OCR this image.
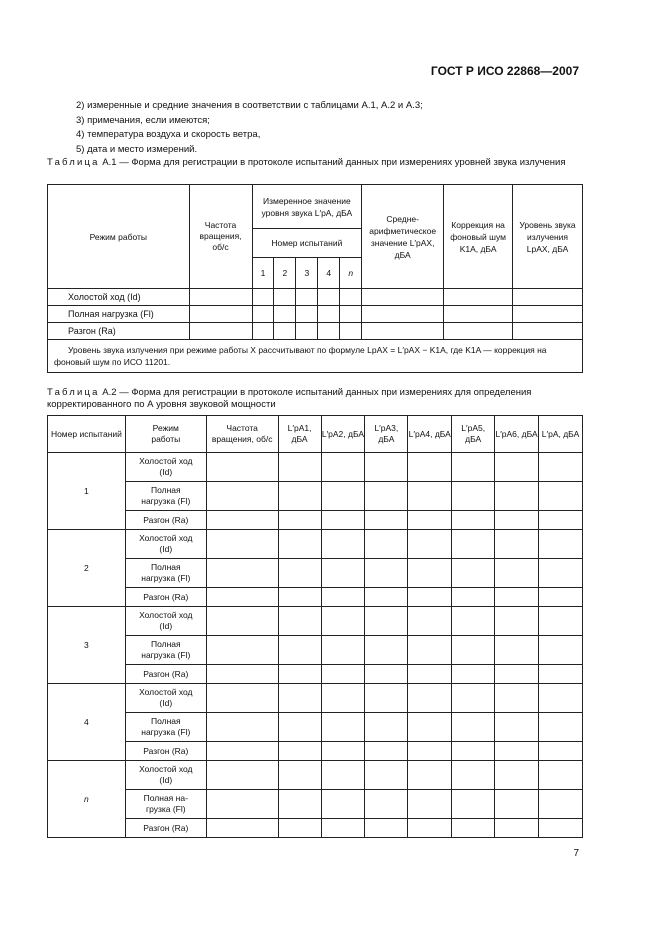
ГОСТ Р ИСО 22868—2007
2) измеренные и средние значения в соответствии с таблицами А.1, А.2 и А.3;
3) примечания, если имеются;
4) температура воздуха и скорость ветра,
5) дата и место измерений.
Таблица А.1 — Форма для регистрации в протоколе испытаний данных при измерениях уровней звука излучения
Режим работы	Частота вращения, об/с	Измеренное значение уровня звука L′pA, дБА					Средне-арифметическое значение L′pAX, дБА	Коррекция на фоновый шум K1A, дБА	Уровень звука излучения LpAX, дБА
		Номер испытаний							
		1	2	3	4	n			
Холостой ход (Id)									
Полная нагрузка (Fl)									
Разгон (Ra)									
Уровень звука излучения при режиме работы X рассчитывают по формуле LpAX = L′pAX − K1A, где K1A — коррекция на фоновый шум по ИСО 11201.									
Таблица А.2 — Форма для регистрации в протоколе испытаний данных при измерениях для определения корректированного по А уровня звуковой мощности
Номер испытаний	Режим работы	Частота вращения, об/с	L′pA1, дБА	L′pA2, дБА	L′pA3, дБА	L′pA4, дБА	L′pA5, дБА	L′pA6, дБА	L′pA, дБА
1	Холостой ход (Id)								
	Полная нагрузка (Fl)								
	Разгон (Ra)								
2	Холостой ход (Id)								
	Полная нагрузка (Fl)								
	Разгон (Ra)								
3	Холостой ход (Id)								
	Полная нагрузка (Fl)								
	Разгон (Ra)								
4	Холостой ход (Id)								
	Полная нагрузка (Fl)								
	Разгон (Ra)								
n	Холостой ход (Id)								
	Полная на-грузка (Fl)								
	Разгон (Ra)								
7
